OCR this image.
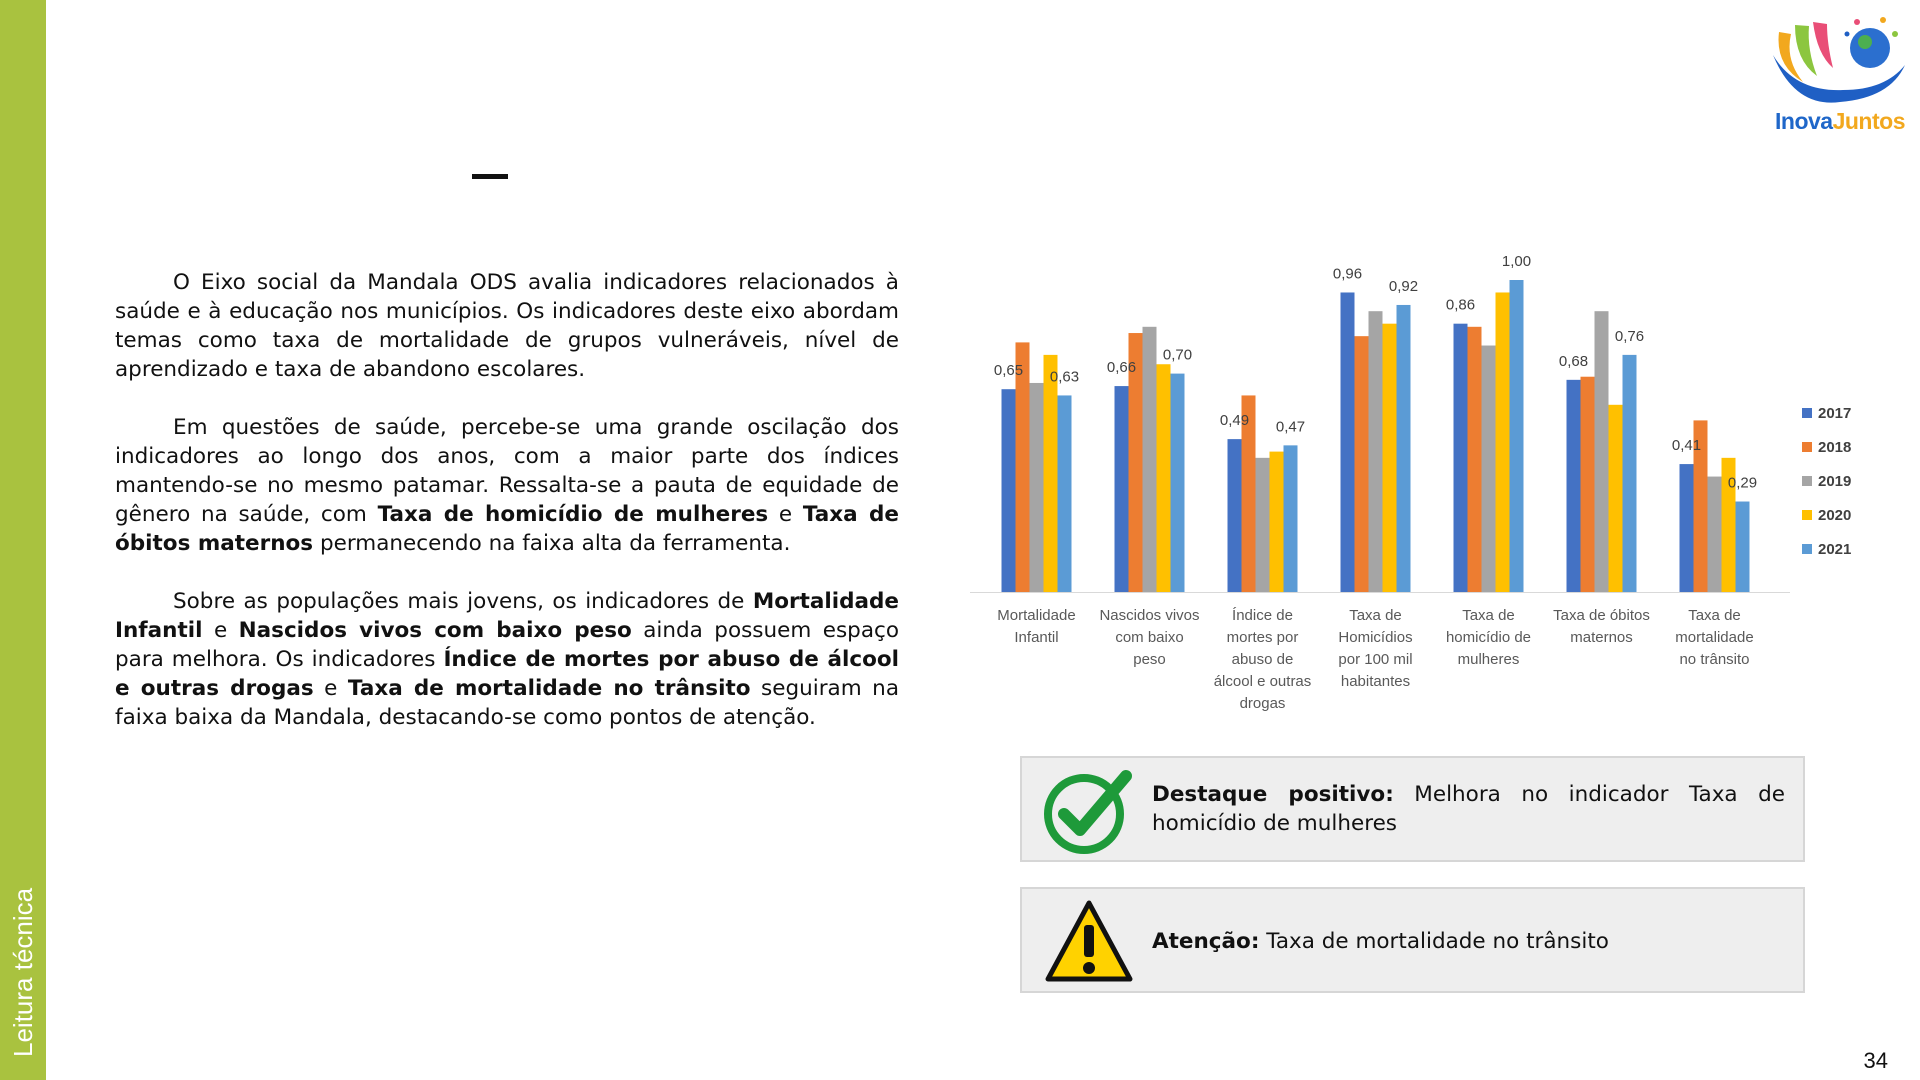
Leitura técnica

O Eixo social da Mandala ODS avalia indicadores relacionados à saúde e à educação nos municípios. Os indicadores deste eixo abordam temas como taxa de mortalidade de grupos vulneráveis, nível de aprendizado e taxa de abandono escolares.

Em questões de saúde, percebe-se uma grande oscilação dos indicadores ao longo dos anos, com a maior parte dos índices mantendo-se no mesmo patamar. Ressalta-se a pauta de equidade de gênero na saúde, com Taxa de homicídio de mulheres e Taxa de óbitos maternos permanecendo na faixa alta da ferramenta.

Sobre as populações mais jovens, os indicadores de Mortalidade Infantil e Nascidos vivos com baixo peso ainda possuem espaço para melhora. Os indicadores Índice de mortes por abuso de álcool e outras drogas e Taxa de mortalidade no trânsito seguiram na faixa baixa da Mandala, destacando-se como pontos de atenção.

Mortalidade Infantil
Nascidos vivos com baixo peso
Índice de mortes por abuso de álcool e outras drogas
Taxa de Homicídios por 100 mil habitantes
Taxa de homicídio de mulheres
Taxa de óbitos maternos
Taxa de mortalidade no trânsito
0,65 0,63
0,66
0,70
0,49 0,47
0,96
0,92
0,86
1,00
0,68
0,76
0,41
0,29
2017
2018
2019
2020
2021
Destaque positivo: Melhora no indicador Taxa de homicídio de mulheres
Atenção: Taxa de mortalidade no trânsito
InovaJuntos
34
